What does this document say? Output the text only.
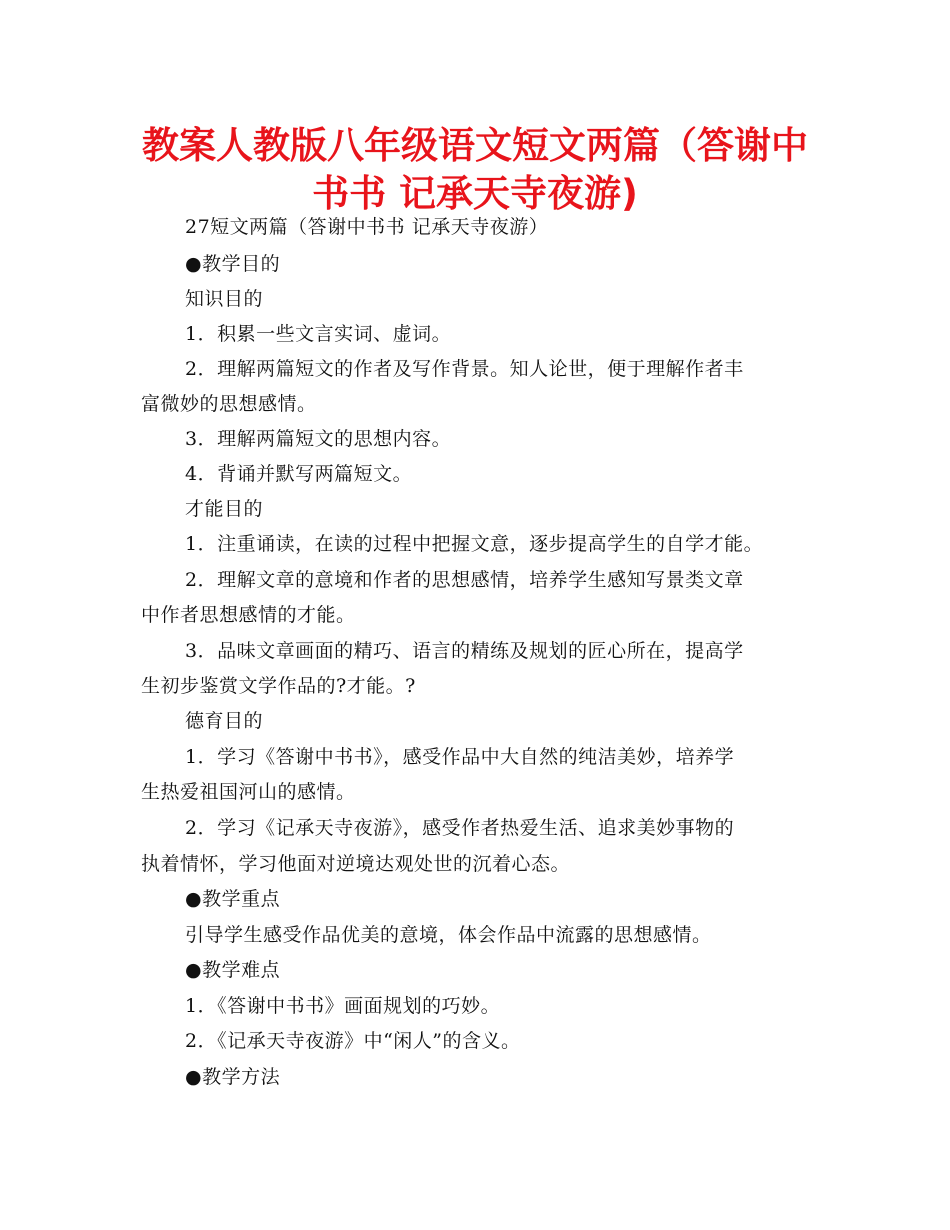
教案人教版八年级语文短文两篇（答谢中
书书 记承天寺夜游)
27短文两篇（答谢中书书 记承天寺夜游）
●教学目的
知识目的
1．积累一些文言实词、虚词。
2．理解两篇短文的作者及写作背景。知人论世，便于理解作者丰
富微妙的思想感情。
3．理解两篇短文的思想内容。
4．背诵并默写两篇短文。
才能目的
1．注重诵读，在读的过程中把握文意，逐步提高学生的自学才能。
2．理解文章的意境和作者的思想感情，培养学生感知写景类文章
中作者思想感情的才能。
3．品味文章画面的精巧、语言的精练及规划的匠心所在，提高学
生初步鉴赏文学作品的?才能。?
德育目的
1．学习《答谢中书书》，感受作品中大自然的纯洁美妙，培养学
生热爱祖国河山的感情。
2．学习《记承天寺夜游》，感受作者热爱生活、追求美妙事物的
执着情怀，学习他面对逆境达观处世的沉着心态。
●教学重点
引导学生感受作品优美的意境，体会作品中流露的思想感情。
●教学难点
1．《答谢中书书》画面规划的巧妙。
2．《记承天寺夜游》中“闲人”的含义。
●教学方法
